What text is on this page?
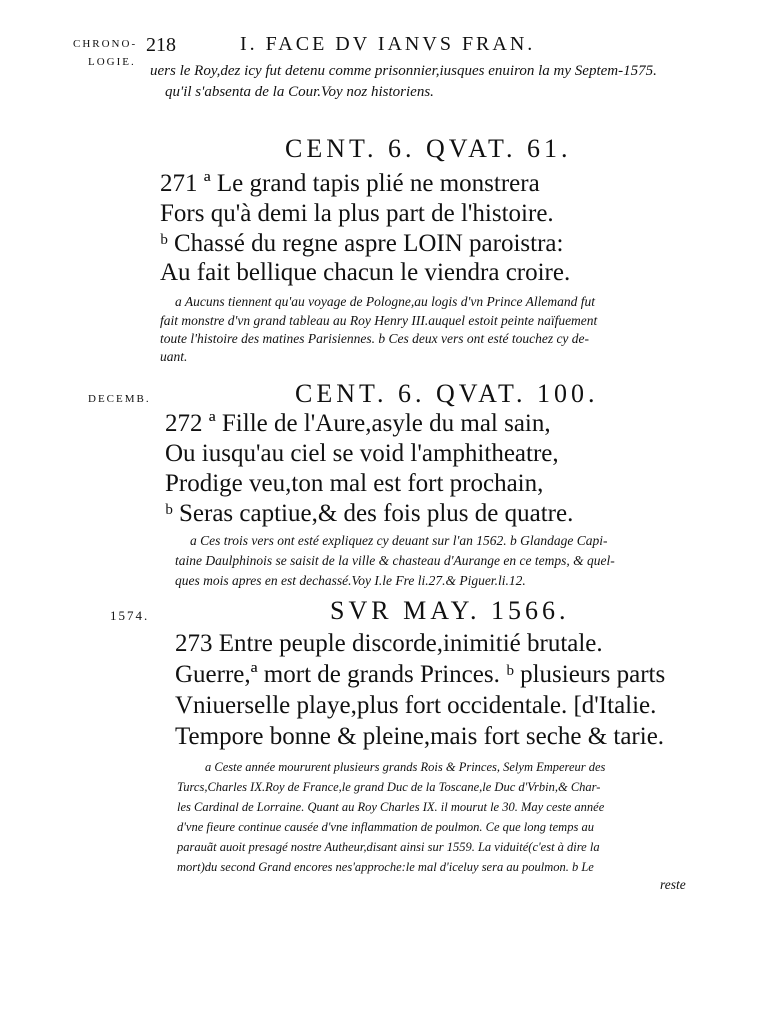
CHRONO-
LOGIE.
218	I. FACE DV IANVS FRAN.
uers le Roy,dez icy fut detenu comme prisonnier,iusques enuiron la my Septem-1575.
qu'il s'absenta de la Cour.Voy noz historiens.
CENT. 6. QVAT. 61.
271 ª Le grand tapis plié ne monstrera
Fors qu'à demi la plus part de l'histoire.
ᵇ Chassé du regne aspre LOIN paroistra:
Au fait bellique chacun le viendra croire.
a Aucuns tiennent qu'au voyage de Pologne,au logis d'vn Prince Allemand fut
fait monstre d'vn grand tableau au Roy Henry III.auquel estoit peinte naïfuement
toute l'histoire des matines Parisiennes. b Ces deux vers ont esté touchez cy de-
uant.
DECEMB.	CENT. 6. QVAT. 100.
272 ª Fille de l'Aure,asyle du mal sain,
Ou iusqu'au ciel se void l'amphitheatre,
Prodige veu,ton mal est fort prochain,
ᵇ Seras captiue,& des fois plus de quatre.
a Ces trois vers ont esté expliquez cy deuant sur l'an 1562. b Glandage Capi-
taine Daulphinois se saisit de la ville & chasteau d'Aurange en ce temps, & quel-
ques mois apres en est dechassé.Voy I.le Fre li.27.& Piguer.li.12.
1574.	SVR MAY. 1566.
273 Entre peuple discorde,inimitié brutale.
Guerre,ª mort de grands Princes. ᵇ plusieurs parts
Vniuerselle playe,plus fort occidentale. [d'Italie.
Tempore bonne & pleine,mais fort seche & tarie.
a Ceste année moururent plusieurs grands Rois & Princes, Selym Empereur des
Turcs,Charles IX.Roy de France,le grand Duc de la Toscane,le Duc d'Vrbin,& Char-
les Cardinal de Lorraine. Quant au Roy Charles IX. il mourut le 30. May ceste année
d'vne fieure continue causée d'vne inflammation de poulmon. Ce que long temps au
parauãt auoit presagé nostre Autheur,disant ainsi sur 1559. La viduité(c'est à dire la
mort)du second Grand encores nes'approche:le mal d'iceluy sera au poulmon. b Le
reste
